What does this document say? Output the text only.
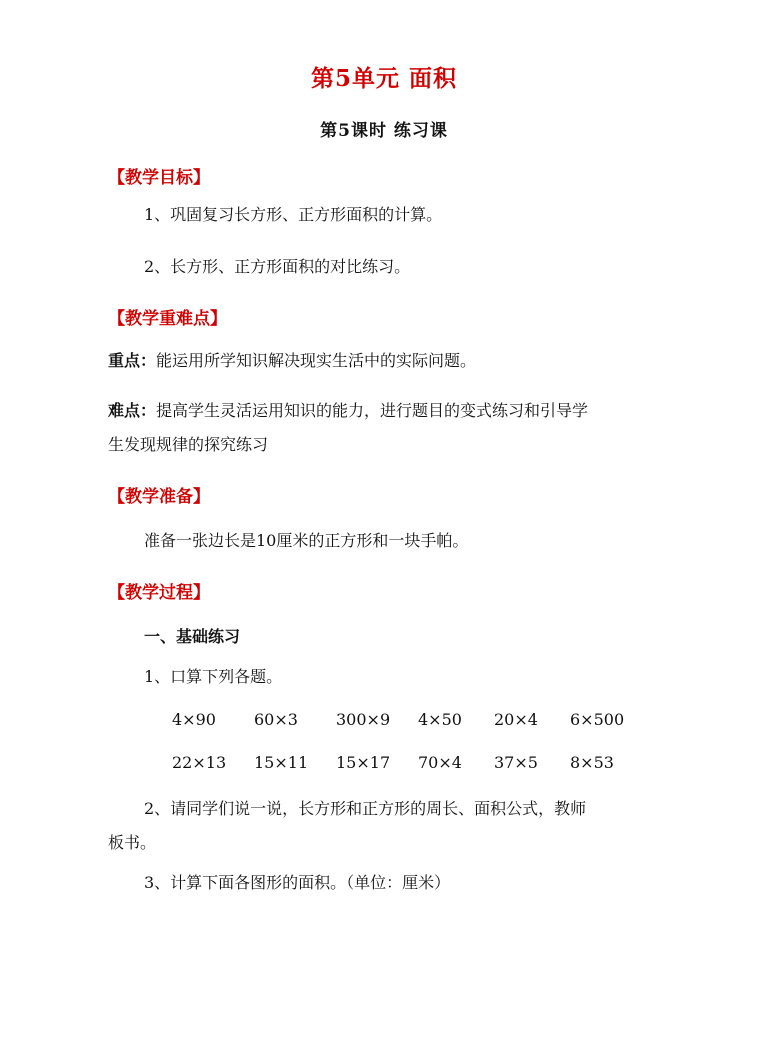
第5单元 面积
第5课时 练习课
【教学目标】
1、巩固复习长方形、正方形面积的计算。
2、长方形、正方形面积的对比练习。
【教学重难点】
重点：能运用所学知识解决现实生活中的实际问题。
难点：提高学生灵活运用知识的能力，进行题目的变式练习和引导学
生发现规律的探究练习
【教学准备】
准备一张边长是10厘米的正方形和一块手帕。
【教学过程】
一、基础练习
1、口算下列各题。
4×90	60×3	300×9	4×50	20×4	6×500
22×13	15×11	15×17	70×4	37×5	8×53
2、请同学们说一说，长方形和正方形的周长、面积公式，教师
板书。
3、计算下面各图形的面积。（单位：厘米）
